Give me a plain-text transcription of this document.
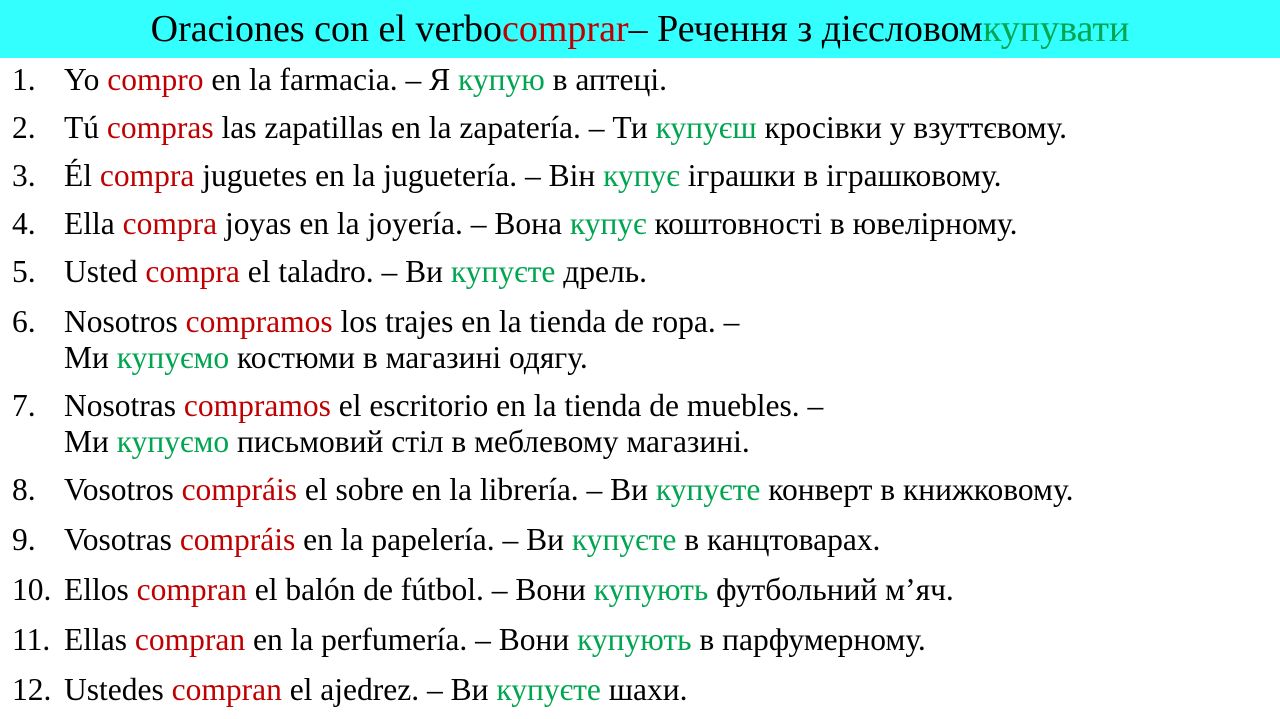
Oraciones con el verbo comprar – Речення з дієсловом купувати
1. Yo compro en la farmacia. – Я купую в аптеці.
2. Tú compras las zapatillas en la zapatería. – Ти купуєш кросівки у взуттєвому.
3. Él compra juguetes en la juguetería. – Він купує іграшки в іграшковому.
4. Ella compra joyas en la joyería. – Вона купує коштовності в ювелірному.
5. Usted compra el taladro. – Ви купуєте дрель.
6. Nosotros compramos los trajes en la tienda de ropa. –
Ми купуємо костюми в магазині одягу.
7. Nosotras compramos el escritorio en la tienda de muebles. –
Ми купуємо письмовий стіл в меблевому магазині.
8. Vosotros compráis el sobre en la librería. – Ви купуєте конверт в книжковому.
9. Vosotras compráis en la papelería. – Ви купуєте в канцтоварах.
10. Ellos compran el balón de fútbol. – Вони купують футбольний м’яч.
11. Ellas compran en la perfumería. – Вони купують в парфумерному.
12. Ustedes compran el ajedrez. – Ви купуєте шахи.
